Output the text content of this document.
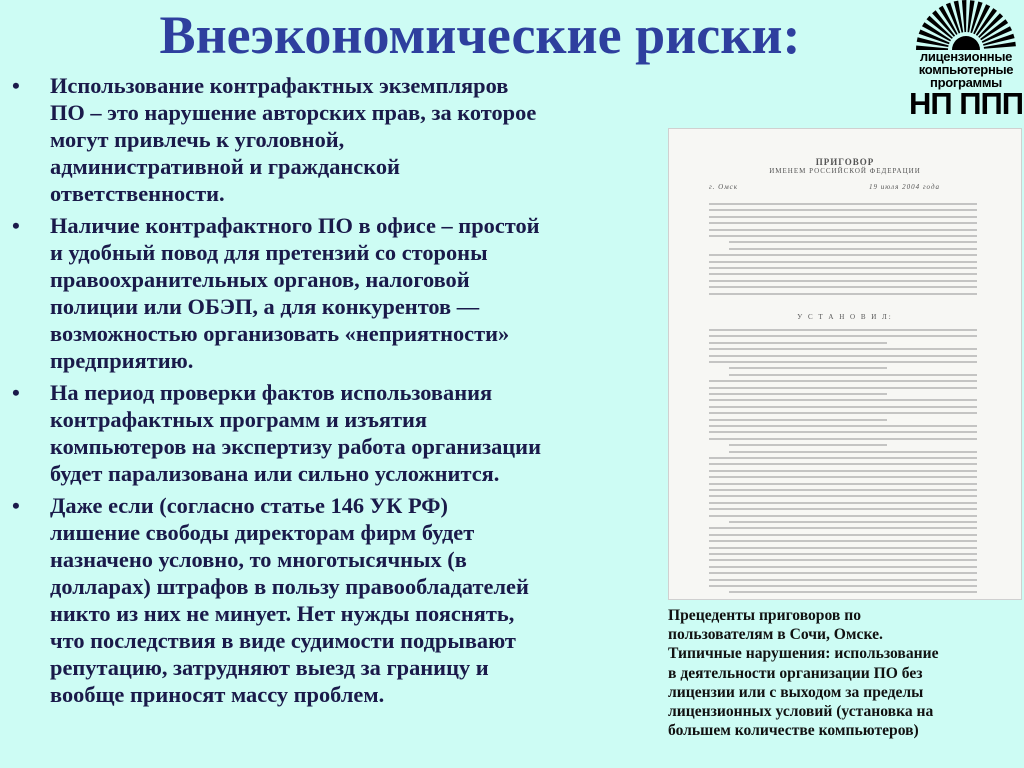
Внеэкономические риски:	лицензионные
компьютерные
программы
НП ППП
• Использование контрафактных экземпляров
ПО – это нарушение авторских прав, за которое
могут привлечь к уголовной,
административной и гражданской
ответственности.
• Наличие контрафактного ПО в офисе – простой
и удобный повод для претензий со стороны
правоохранительных органов, налоговой
полиции или ОБЭП, а для конкурентов —
возможностью организовать «неприятности»
предприятию.
• На период проверки фактов использования
контрафактных программ и изъятия
компьютеров на экспертизу работа организации
будет парализована или сильно усложнится.
• Даже если (согласно статье 146 УК РФ)
лишение свободы директорам фирм будет
назначено условно, то многотысячных (в
долларах) штрафов в пользу правообладателей
никто из них не минует. Нет нужды пояснять,
что последствия в виде судимости подрывают
репутацию, затрудняют выезд за границу и
вообще приносят массу проблем.
ПРИГОВОР
ИМЕНЕМ РОССИЙСКОЙ ФЕДЕРАЦИИ
г. Омск	19 июля 2004 года
У С Т А Н О В И Л:
Прецеденты приговоров по
пользователям в Сочи, Омске.
Типичные нарушения: использование
в деятельности организации ПО без
лицензии или с выходом за пределы
лицензионных условий (установка на
большем количестве компьютеров)
